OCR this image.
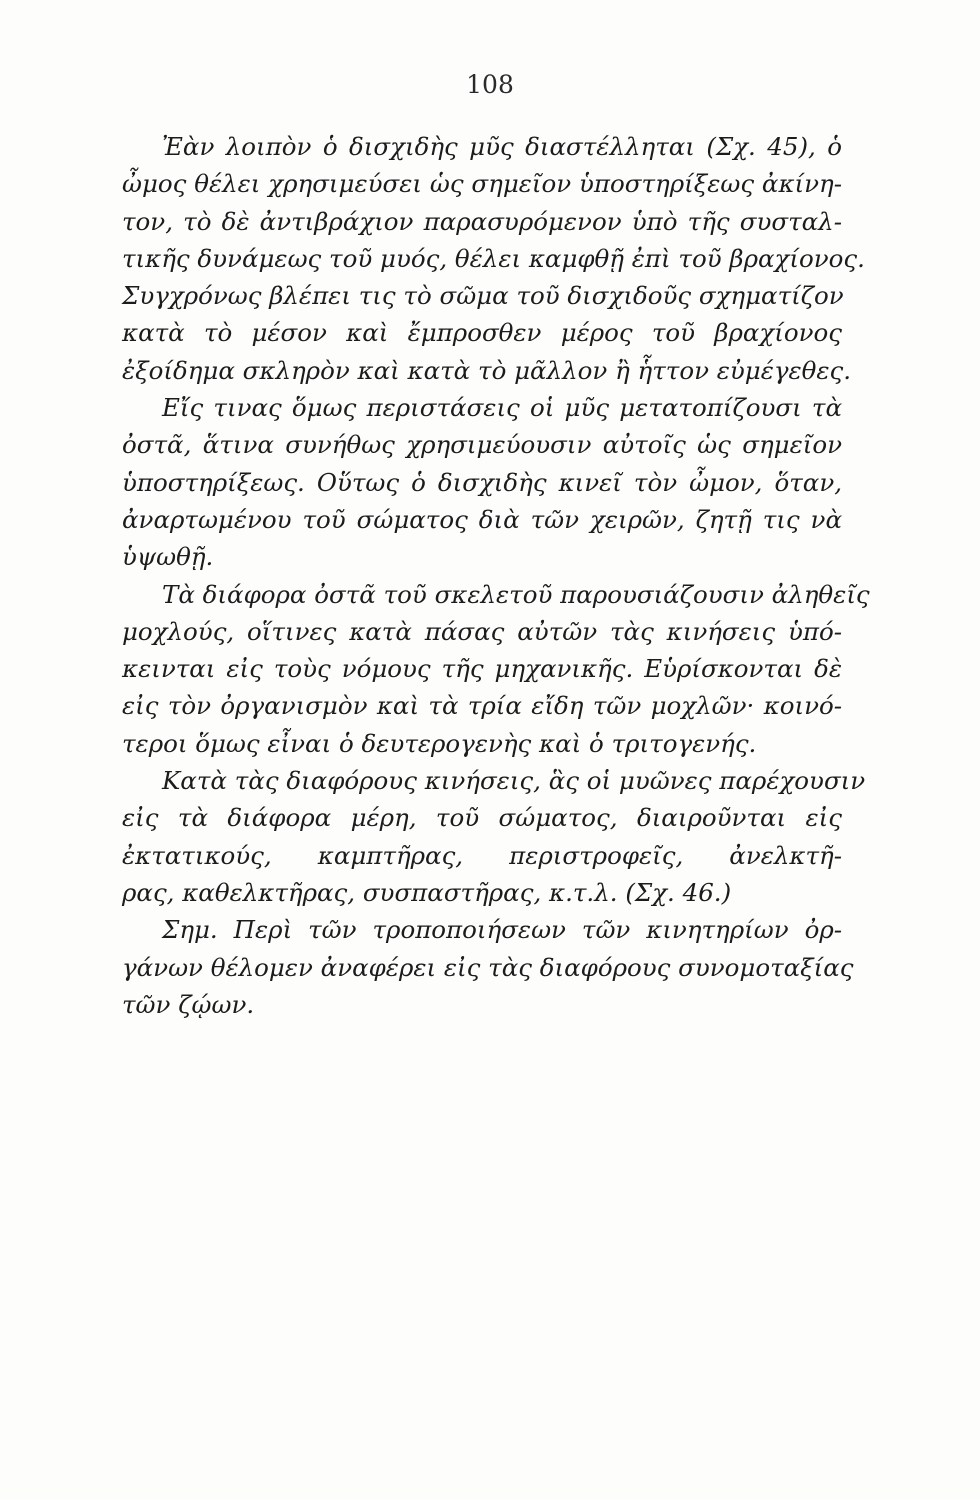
108
Ἐὰν λοιπὸν ὁ δισχιδὴς μῦς διαστέλληται (Σχ. 45), ὁ
ὦμος θέλει χρησιμεύσει ὡς σημεῖον ὑποστηρίξεως ἀκίνη-
τον, τὸ δὲ ἀντιβράχιον παρασυρόμενον ὑπὸ τῆς συσταλ-
τικῆς δυνάμεως τοῦ μυός, θέλει καμφθῇ ἐπὶ τοῦ βραχίονος.
Συγχρόνως βλέπει τις τὸ σῶμα τοῦ δισχιδοῦς σχηματίζον
κατὰ τὸ μέσον καὶ ἔμπροσθεν μέρος τοῦ βραχίονος
ἐξοίδημα σκληρὸν καὶ κατὰ τὸ μᾶλλον ἢ ἧττον εὐμέγεθες.
Εἴς τινας ὅμως περιστάσεις οἱ μῦς μετατοπίζουσι τὰ
ὀστᾶ, ἅτινα συνήθως χρησιμεύουσιν αὐτοῖς ὡς σημεῖον
ὑποστηρίξεως. Οὕτως ὁ δισχιδὴς κινεῖ τὸν ὦμον, ὅταν,
ἀναρτωμένου τοῦ σώματος διὰ τῶν χειρῶν, ζητῇ τις νὰ
ὑψωθῇ.
Τὰ διάφορα ὀστᾶ τοῦ σκελετοῦ παρουσιάζουσιν ἀληθεῖς
μοχλούς, οἵτινες κατὰ πάσας αὐτῶν τὰς κινήσεις ὑπό-
κεινται εἰς τοὺς νόμους τῆς μηχανικῆς. Εὑρίσκονται δὲ
εἰς τὸν ὀργανισμὸν καὶ τὰ τρία εἴδη τῶν μοχλῶν· κοινό-
τεροι ὅμως εἶναι ὁ δευτερογενὴς καὶ ὁ τριτογενής.
Κατὰ τὰς διαφόρους κινήσεις, ἃς οἱ μυῶνες παρέχουσιν
εἰς τὰ διάφορα μέρη, τοῦ σώματος, διαιροῦνται εἰς
ἐκτατικούς, καμπτῆρας, περιστροφεῖς, ἀνελκτῆ-
ρας, καθελκτῆρας, συσπαστῆρας, κ.τ.λ. (Σχ. 46.)
Σημ. Περὶ τῶν τροποποιήσεων τῶν κινητηρίων ὀρ-
γάνων θέλομεν ἀναφέρει εἰς τὰς διαφόρους συνομοταξίας
τῶν ζῴων.
